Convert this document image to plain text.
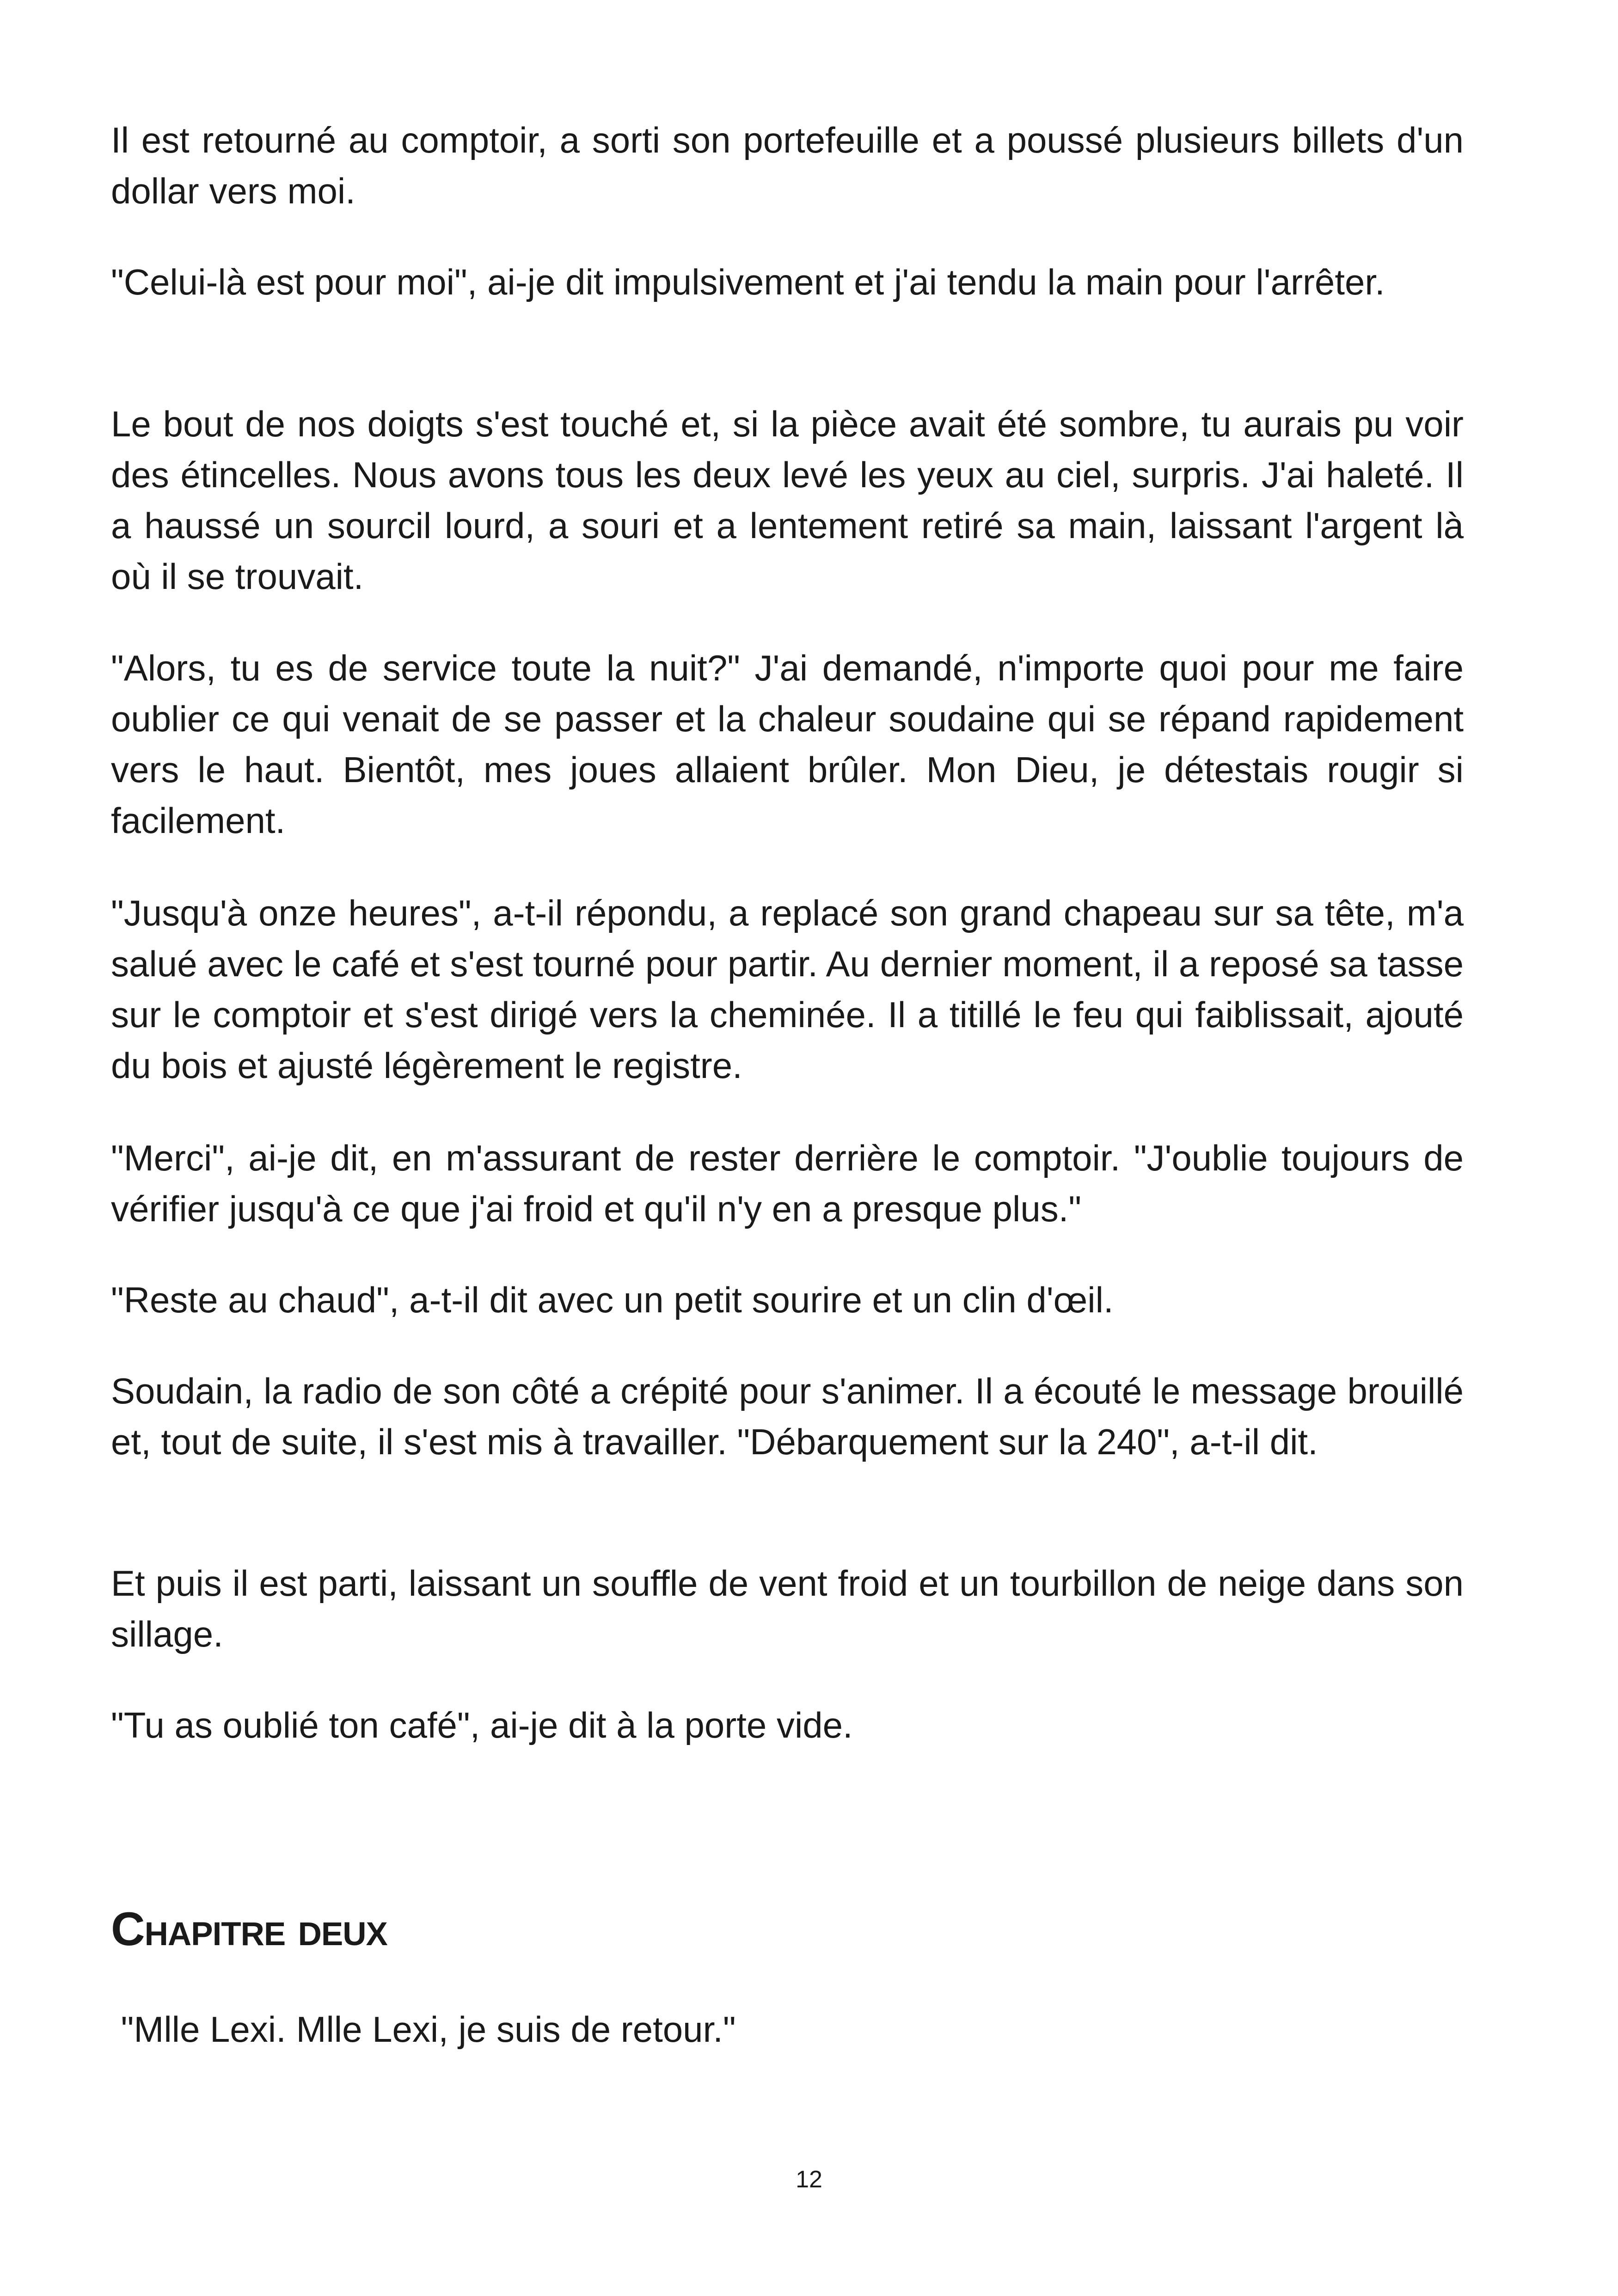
Il est retourné au comptoir, a sorti son portefeuille et a poussé plusieurs billets d'un dollar vers moi.

"Celui-là est pour moi", ai-je dit impulsivement et j'ai tendu la main pour l'arrêter.

Le bout de nos doigts s'est touché et, si la pièce avait été sombre, tu aurais pu voir des étincelles. Nous avons tous les deux levé les yeux au ciel, surpris. J'ai haleté. Il a haussé un sourcil lourd, a souri et a lentement retiré sa main, laissant l'argent là où il se trouvait.

"Alors, tu es de service toute la nuit?" J'ai demandé, n'importe quoi pour me faire oublier ce qui venait de se passer et la chaleur soudaine qui se répand rapidement vers le haut. Bientôt, mes joues allaient brûler. Mon Dieu, je détestais rougir si facilement.

"Jusqu'à onze heures", a-t-il répondu, a replacé son grand chapeau sur sa tête, m'a salué avec le café et s'est tourné pour partir. Au dernier moment, il a reposé sa tasse sur le comptoir et s'est dirigé vers la cheminée. Il a titillé le feu qui faiblissait, ajouté du bois et ajusté légèrement le registre.

"Merci", ai-je dit, en m'assurant de rester derrière le comptoir. "J'oublie toujours de vérifier jusqu'à ce que j'ai froid et qu'il n'y en a presque plus."

"Reste au chaud", a-t-il dit avec un petit sourire et un clin d'œil.

Soudain, la radio de son côté a crépité pour s'animer. Il a écouté le message brouillé et, tout de suite, il s'est mis à travailler. "Débarquement sur la 240", a-t-il dit.

Et puis il est parti, laissant un souffle de vent froid et un tourbillon de neige dans son sillage.

"Tu as oublié ton café", ai-je dit à la porte vide.

Chapitre deux

"Mlle Lexi. Mlle Lexi, je suis de retour."

12
